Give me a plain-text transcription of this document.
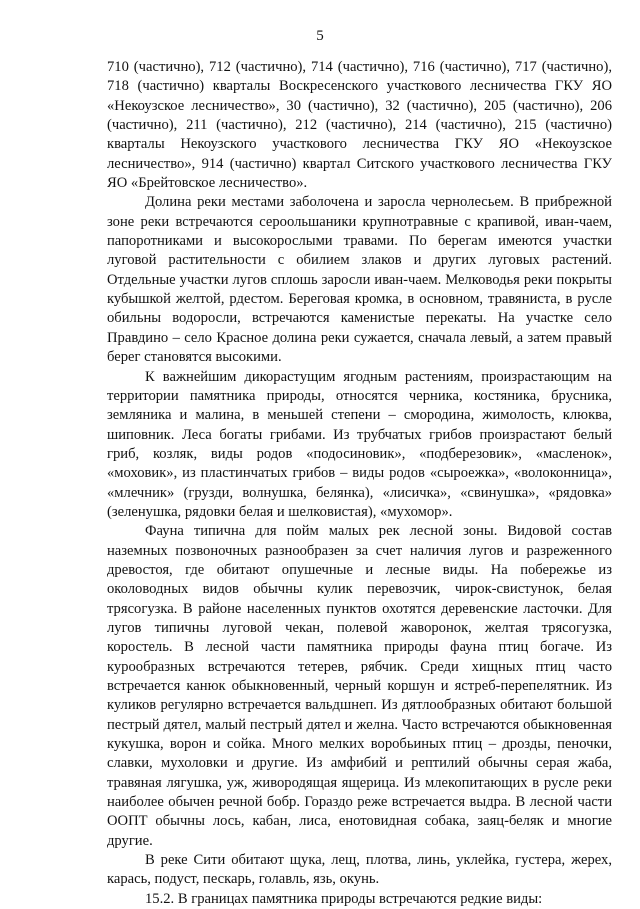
5

710 (частично), 712 (частично), 714 (частично), 716 (частично), 717 (частично), 718 (частично) кварталы Воскресенского участкового лесничества ГКУ ЯО «Некоузское лесничество», 30 (частично), 32 (частично), 205 (частично), 206 (частично), 211 (частично), 212 (частично), 214 (частично), 215 (частично) кварталы Некоузского участкового лесничества ГКУ ЯО «Некоузское лесничество», 914 (частично) квартал Ситского участкового лесничества ГКУ ЯО «Брейтовское лесничество».

Долина реки местами заболочена и заросла чернолесьем. В прибрежной зоне реки встречаются сероольшаники крупнотравные с крапивой, иван-чаем, папоротниками и высокорослыми травами. По берегам имеются участки луговой растительности с обилием злаков и других луговых растений. Отдельные участки лугов сплошь заросли иван-чаем. Мелководья реки покрыты кубышкой желтой, рдестом. Береговая кромка, в основном, травяниста, в русле обильны водоросли, встречаются каменистые перекаты. На участке село Правдино – село Красное долина реки сужается, сначала левый, а затем правый берег становятся высокими.

К важнейшим дикорастущим ягодным растениям, произрастающим на территории памятника природы, относятся черника, костяника, брусника, земляника и малина, в меньшей степени – смородина, жимолость, клюква, шиповник. Леса богаты грибами. Из трубчатых грибов произрастают белый гриб, козляк, виды родов «подосиновик», «подберезовик», «масленок», «моховик», из пластинчатых грибов – виды родов «сыроежка», «волоконница», «млечник» (грузди, волнушка, белянка), «лисичка», «свинушка», «рядовка» (зеленушка, рядовки белая и шелковистая), «мухомор».

Фауна типична для пойм малых рек лесной зоны. Видовой состав наземных позвоночных разнообразен за счет наличия лугов и разреженного древостоя, где обитают опушечные и лесные виды. На побережье из околоводных видов обычны кулик перевозчик, чирок-свистунок, белая трясогузка. В районе населенных пунктов охотятся деревенские ласточки. Для лугов типичны луговой чекан, полевой жаворонок, желтая трясогузка, коростель. В лесной части памятника природы фауна птиц богаче. Из курообразных встречаются тетерев, рябчик. Среди хищных птиц часто встречается канюк обыкновенный, черный коршун и ястреб-перепелятник. Из куликов регулярно встречается вальдшнеп. Из дятлообразных обитают большой пестрый дятел, малый пестрый дятел и желна. Часто встречаются обыкновенная кукушка, ворон и сойка. Много мелких воробьиных птиц – дрозды, пеночки, славки, мухоловки и другие. Из амфибий и рептилий обычны серая жаба, травяная лягушка, уж, живородящая ящерица. Из млекопитающих в русле реки наиболее обычен речной бобр. Гораздо реже встречается выдра. В лесной части ООПТ обычны лось, кабан, лиса, енотовидная собака, заяц-беляк и многие другие.

В реке Сити обитают щука, лещ, плотва, линь, уклейка, густера, жерех, карась, подуст, пескарь, голавль, язь, окунь.

15.2. В границах памятника природы встречаются редкие виды:
